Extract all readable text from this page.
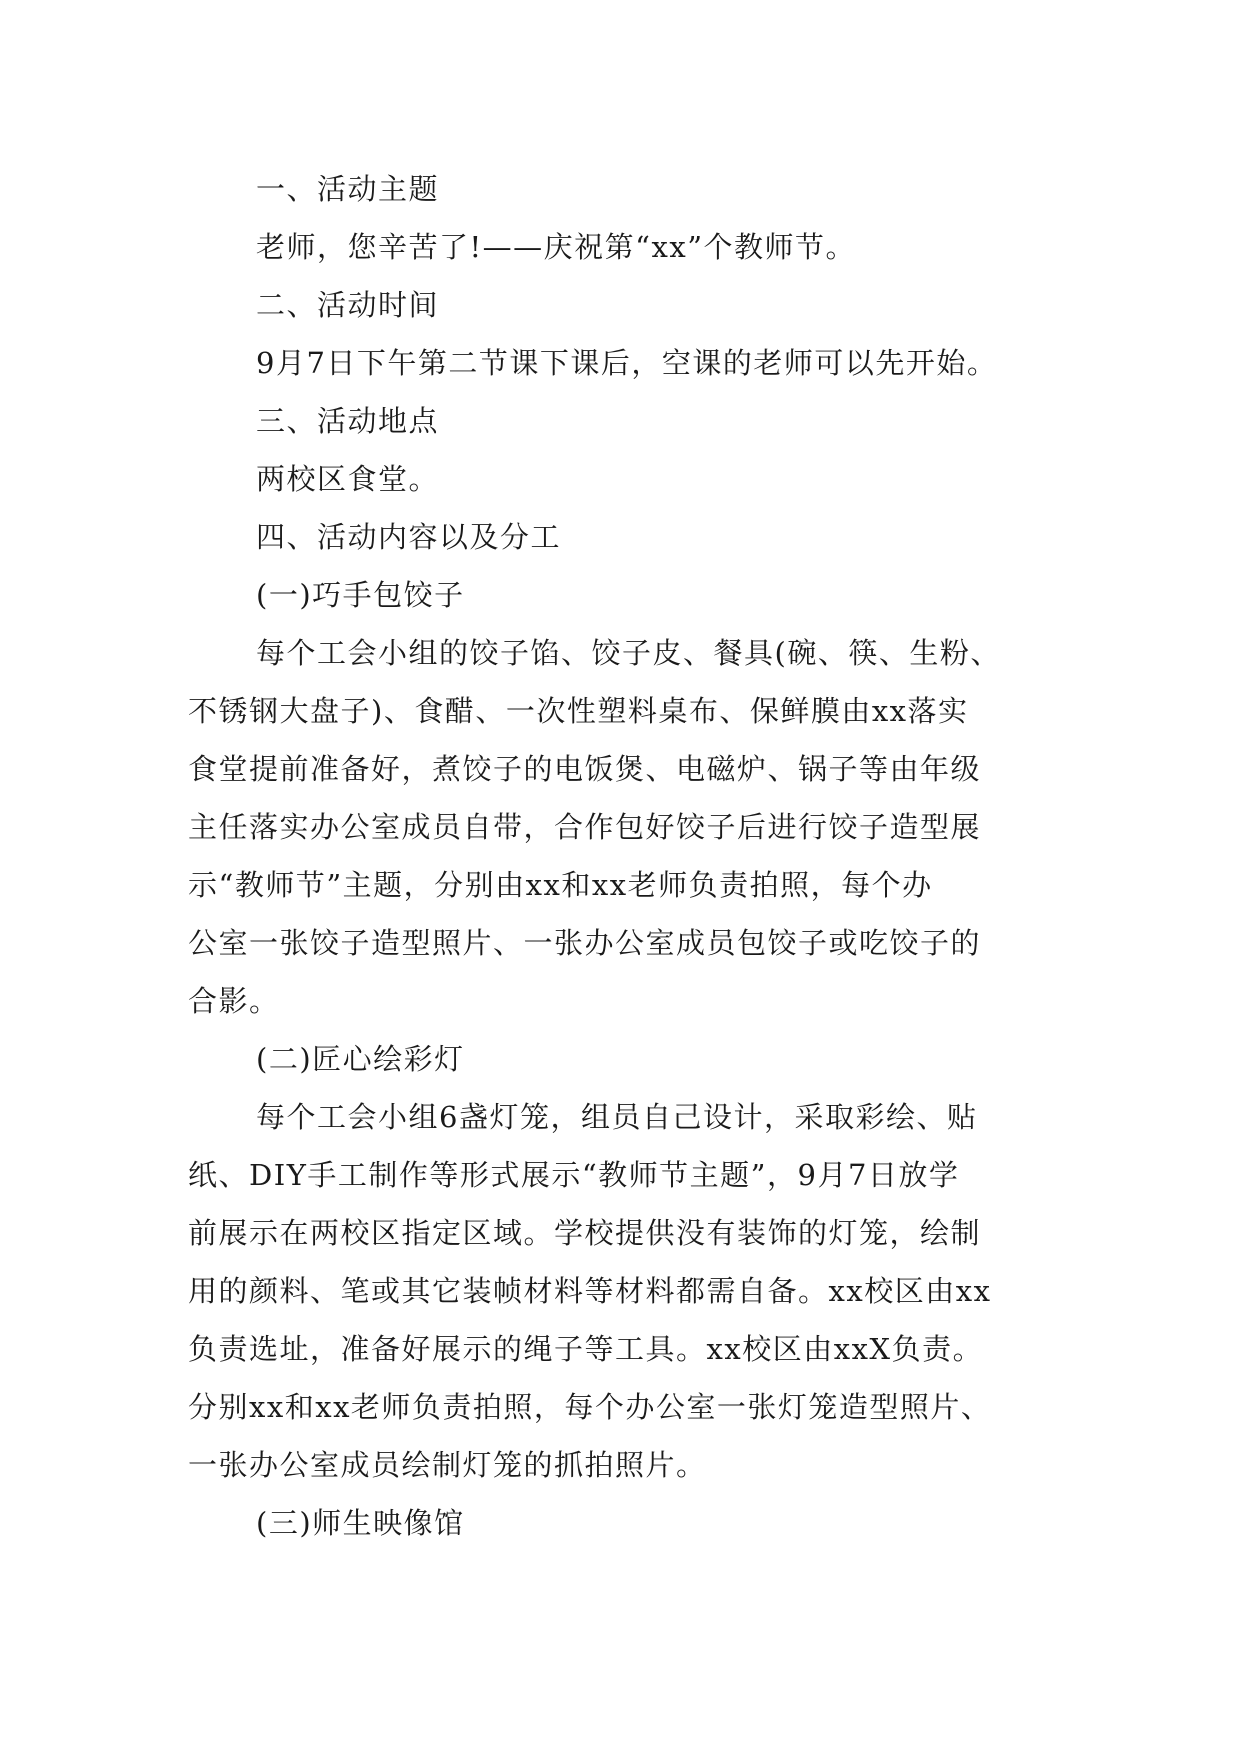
一、活动主题

老师，您辛苦了!——庆祝第“xx”个教师节。

二、活动时间

9月7日下午第二节课下课后，空课的老师可以先开始。

三、活动地点

两校区食堂。

四、活动内容以及分工

(一)巧手包饺子

每个工会小组的饺子馅、饺子皮、餐具(碗、筷、生粉、

不锈钢大盘子)、食醋、一次性塑料桌布、保鲜膜由xx落实

食堂提前准备好，煮饺子的电饭煲、电磁炉、锅子等由年级

主任落实办公室成员自带，合作包好饺子后进行饺子造型展

示“教师节”主题，分别由xx和xx老师负责拍照，每个办

公室一张饺子造型照片、一张办公室成员包饺子或吃饺子的

合影。

(二)匠心绘彩灯

每个工会小组6盏灯笼，组员自己设计，采取彩绘、贴

纸、DIY手工制作等形式展示“教师节主题”，9月7日放学

前展示在两校区指定区域。学校提供没有装饰的灯笼，绘制

用的颜料、笔或其它装帧材料等材料都需自备。xx校区由xx

负责选址，准备好展示的绳子等工具。xx校区由xxX负责。

分别xx和xx老师负责拍照，每个办公室一张灯笼造型照片、

一张办公室成员绘制灯笼的抓拍照片。

(三)师生映像馆
